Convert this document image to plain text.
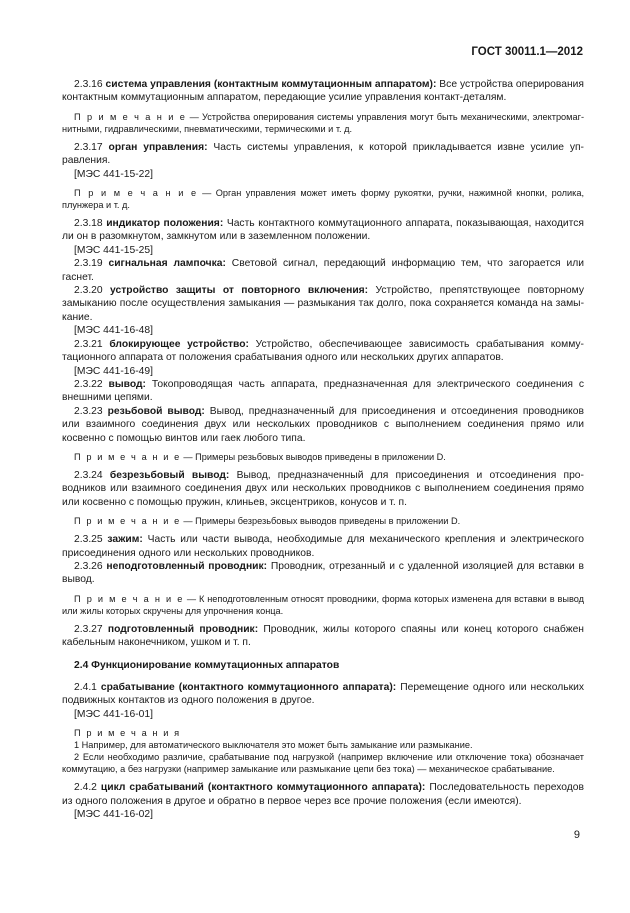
ГОСТ 30011.1—2012

2.3.16 система управления (контактным коммутационным аппаратом): Все устройства оперирования контактным коммутационным аппаратом, передающие усилие управления контакт-деталям.

П р и м е ч а н и е — Устройства оперирования системы управления могут быть механическими, электромагнитными, гидравлическими, пневматическими, термическими и т. д.

2.3.17 орган управления: Часть системы управления, к которой прикладывается извне усилие управления.

[МЭС 441-15-22]

П р и м е ч а н и е — Орган управления может иметь форму рукоятки, ручки, нажимной кнопки, ролика, плунжера и т. д.

2.3.18 индикатор положения: Часть контактного коммутационного аппарата, показывающая, находится ли он в разомкнутом, замкнутом или в заземленном положении.

[МЭС 441-15-25]

2.3.19 сигнальная лампочка: Световой сигнал, передающий информацию тем, что загорается или гаснет.

2.3.20 устройство защиты от повторного включения: Устройство, препятствующее повторному замыканию после осуществления замыкания — размыкания так долго, пока сохраняется команда на замыкание.

[МЭС 441-16-48]

2.3.21 блокирующее устройство: Устройство, обеспечивающее зависимость срабатывания коммутационного аппарата от положения срабатывания одного или нескольких других аппаратов.

[МЭС 441-16-49]

2.3.22 вывод: Токопроводящая часть аппарата, предназначенная для электрического соединения с внешними цепями.

2.3.23 резьбовой вывод: Вывод, предназначенный для присоединения и отсоединения проводников или взаимного соединения двух или нескольких проводников с выполнением соединения прямо или косвенно с помощью винтов или гаек любого типа.

П р и м е ч а н и е — Примеры резьбовых выводов приведены в приложении D.

2.3.24 безрезьбовый вывод: Вывод, предназначенный для присоединения и отсоединения проводников или взаимного соединения двух или нескольких проводников с выполнением соединения прямо или косвенно с помощью пружин, клиньев, эксцентриков, конусов и т. п.

П р и м е ч а н и е — Примеры безрезьбовых выводов приведены в приложении D.

2.3.25 зажим: Часть или части вывода, необходимые для механического крепления и электрического присоединения одного или нескольких проводников.

2.3.26 неподготовленный проводник: Проводник, отрезанный и с удаленной изоляцией для вставки в вывод.

П р и м е ч а н и е — К неподготовленным относят проводники, форма которых изменена для вставки в вывод или жилы которых скручены для упрочнения конца.

2.3.27 подготовленный проводник: Проводник, жилы которого спаяны или конец которого снабжен кабельным наконечником, ушком и т. п.

2.4 Функционирование коммутационных аппаратов

2.4.1 срабатывание (контактного коммутационного аппарата): Перемещение одного или нескольких подвижных контактов из одного положения в другое.

[МЭС 441-16-01]

П р и м е ч а н и я

1 Например, для автоматического выключателя это может быть замыкание или размыкание.

2 Если необходимо различие, срабатывание под нагрузкой (например включение или отключение тока) обозначает коммутацию, а без нагрузки (например замыкание или размыкание цепи без тока) — механическое срабатывание.

2.4.2 цикл срабатываний (контактного коммутационного аппарата): Последовательность переходов из одного положения в другое и обратно в первое через все прочие положения (если имеются).

[МЭС 441-16-02]

9
